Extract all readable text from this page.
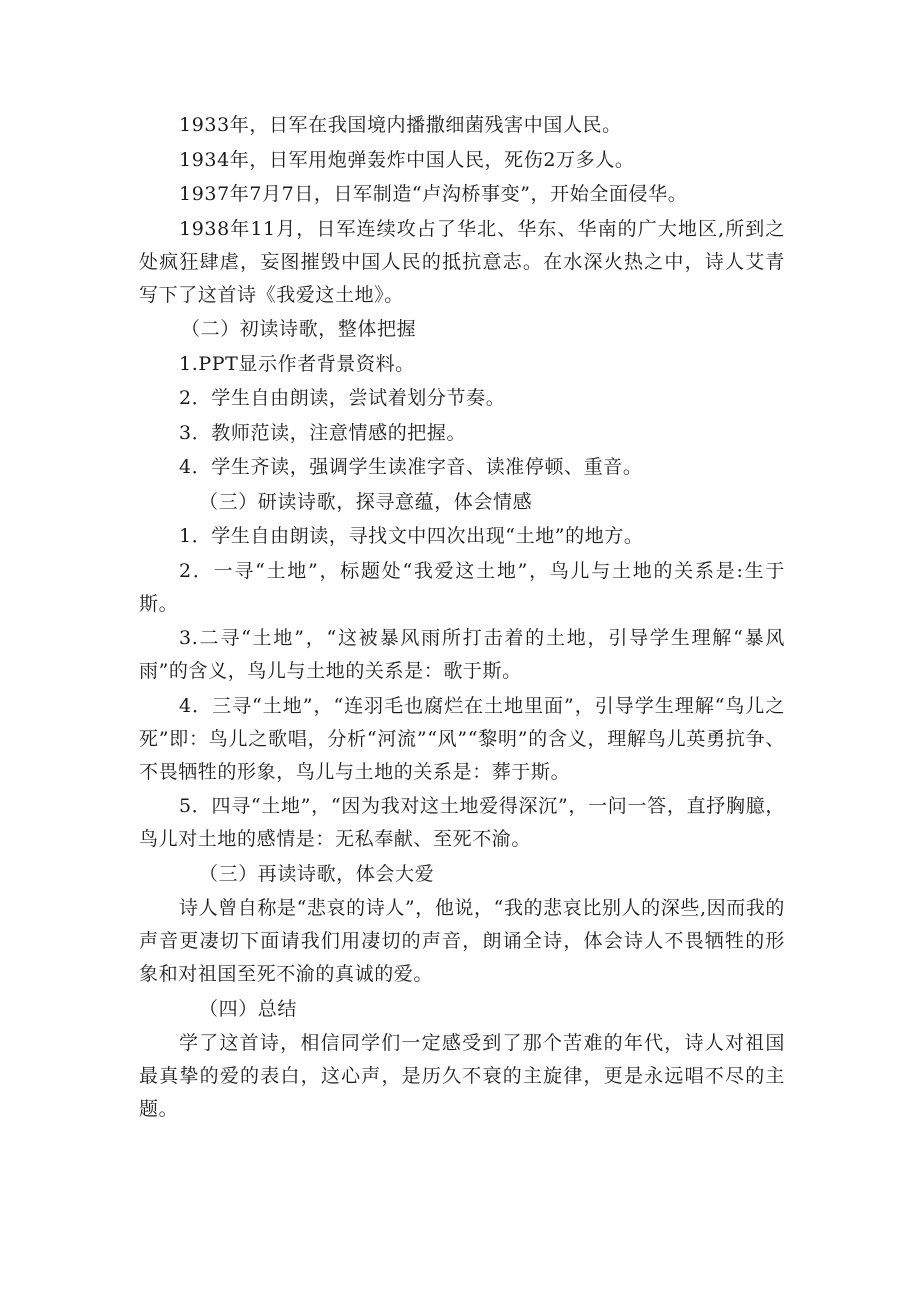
1933年，日军在我国境内播撒细菌残害中国人民。

1934年，日军用炮弹轰炸中国人民，死伤2万多人。

1937年7月7日，日军制造“卢沟桥事变”，开始全面侵华。

1938年11月，日军连续攻占了华北、华东、华南的广大地区,所到之处疯狂肆虐，妄图摧毁中国人民的抵抗意志。在水深火热之中，诗人艾青写下了这首诗《我爱这土地》。

（二）初读诗歌，整体把握

1.PPT显示作者背景资料。

2．学生自由朗读，尝试着划分节奏。

3．教师范读，注意情感的把握。

4．学生齐读，强调学生读准字音、读准停顿、重音。

（三）研读诗歌，探寻意蕴，体会情感

1．学生自由朗读，寻找文中四次出现“土地”的地方。

2．一寻“土地”，标题处“我爱这土地”，鸟儿与土地的关系是:生于斯。

3.二寻“土地”，“这被暴风雨所打击着的土地，引导学生理解“暴风雨”的含义，鸟儿与土地的关系是：歌于斯。

4．三寻“土地”，“连羽毛也腐烂在土地里面”，引导学生理解“鸟儿之死”即：鸟儿之歌唱，分析“河流”“风”“黎明”的含义，理解鸟儿英勇抗争、不畏牺牲的形象，鸟儿与土地的关系是：葬于斯。

5．四寻“土地”，“因为我对这土地爱得深沉”，一问一答，直抒胸臆，鸟儿对土地的感情是：无私奉献、至死不渝。

（三）再读诗歌，体会大爱

诗人曾自称是“悲哀的诗人”，他说，“我的悲哀比别人的深些,因而我的声音更凄切下面请我们用凄切的声音，朗诵全诗，体会诗人不畏牺牲的形象和对祖国至死不渝的真诚的爱。

（四）总结

学了这首诗，相信同学们一定感受到了那个苦难的年代，诗人对祖国最真挚的爱的表白，这心声，是历久不衰的主旋律，更是永远唱不尽的主题。
